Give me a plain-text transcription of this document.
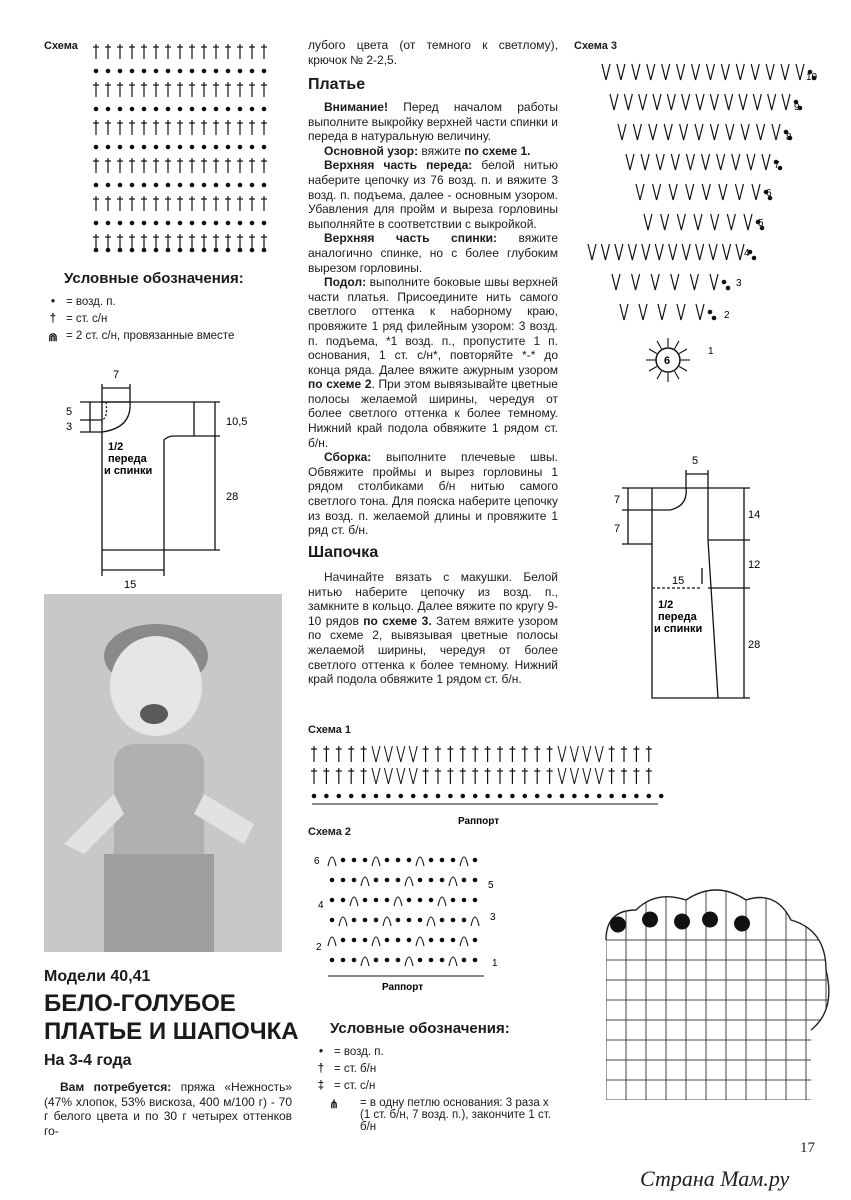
Схема
Условные обозначения:
• = возд. п.
† = ст. с/н
⋒ = 2 ст. с/н, провязанные вместе
7
5
3	10,5
28
15
1/2
переда
и спинки
Модели 40,41
БЕЛО-ГОЛУБОЕ
ПЛАТЬЕ И ШАПОЧКА
На 3-4 года

Вам потребуется: пряжа «Нежность» (47% хлопок, 53% вискоза, 400 м/100 г) - 70 г белого цвета и по 30 г четырех оттенков го-

лубого цвета (от темного к светлому), крючок № 2-2,5.

Платье

Внимание! Перед началом работы выполните выкройку верхней части спинки и переда в натуральную величину.

Основной узор: вяжите по схеме 1.

Верхняя часть переда: белой нитью наберите цепочку из 76 возд. п. и вяжите 3 возд. п. подъема, далее - основным узором. Убавления для пройм и выреза горловины выполняйте в соответствии с выкройкой.

Верхняя часть спинки: вяжите аналогично спинке, но с более глубоким вырезом горловины.

Подол: выполните боковые швы верхней части платья. Присоедините нить самого светлого оттенка к наборному краю, провяжите 1 ряд филейным узором: 3 возд. п. подъема, *1 возд. п., пропустите 1 п. основания, 1 ст. с/н*, повторяйте *-* до конца ряда. Далее вяжите ажурным узором по схеме 2. При этом вывязывайте цветные полосы желаемой ширины, чередуя от более светлого оттенка к более темному. Нижний край подола обвяжите 1 рядом ст. б/н.

Сборка: выполните плечевые швы. Обвяжите проймы и вырез горловины 1 рядом столбиками б/н нитью самого светлого тона. Для пояска наберите цепочку из возд. п. желаемой длины и провяжите 1 ряд ст. б/н.

Шапочка

Начинайте вязать с макушки. Белой нитью наберите цепочку из возд. п., замкните в кольцо. Далее вяжите по кругу 9-10 рядов по схеме 3. Затем вяжите узором по схеме 2, вывязывая цветные полосы желаемой ширины, чередуя от более светлого оттенка к более темному. Нижний край подола обвяжите 1 рядом ст. б/н.

Схема 1
Раппорт
Схема 2
6
5
4
3
2
1
Раппорт
Условные обозначения:
• = возд. п.
† = ст. б/н
‡ = ст. с/н
⋔	= в одну петлю основания: 3 раза х (1 ст. б/н, 7 возд. п.), закончите 1 ст. б/н
Схема 3
6
10
9
8
7
6
5
4
3
2
1
5
7
7
14
12
15
28
1/2
переда
и спинки
17
Страна Мам.ру
